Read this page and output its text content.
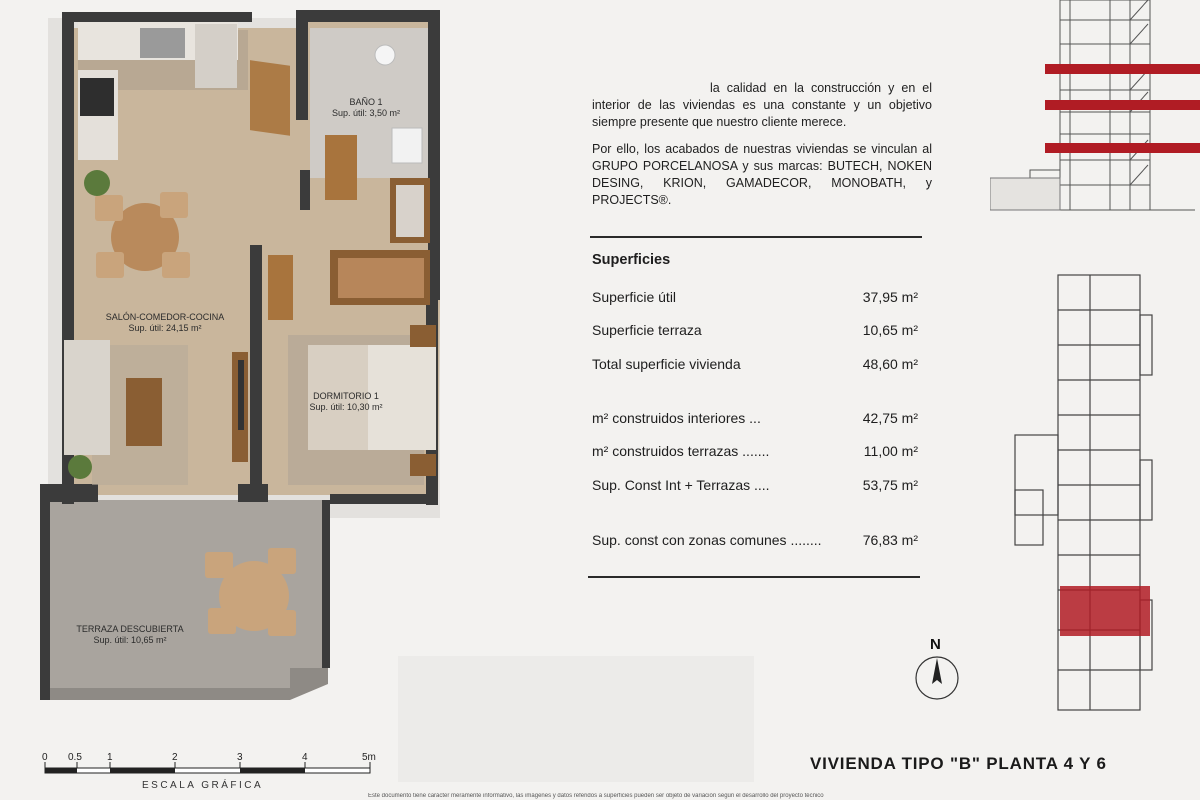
BAÑO 1
Sup. útil: 3,50 m²
SALÓN-COMEDOR-COCINA
Sup. útil: 24,15 m²
DORMITORIO 1
Sup. útil: 10,30 m²
TERRAZA DESCUBIERTA
Sup. útil: 10,65 m²
0 0.5	1	2	3	4	5m
ESCALA GRÁFICA

la calidad en la construcción y en el interior de las viviendas es una constante y un objetivo siempre presente que nuestro cliente merece.

Por ello, los acabados de nuestras viviendas se vinculan al GRUPO PORCELANOSA y sus marcas: BUTECH, NOKEN DESING, KRION, GAMADECOR, MONOBATH, y PROJECTS®.

Superficies
Superficie útil	37,95 m²
Superficie terraza	10,65 m²
Total superficie vivienda	48,60 m²
m² construidos interiores ...	42,75 m²
m² construidos terrazas .......	11,00 m²
Sup. Const Int + Terrazas ....	53,75 m²
Sup. const con zonas comunes ........	76,83 m²
N
VIVIENDA TIPO "B" PLANTA 4 Y 6
Este documento tiene carácter meramente informativo, las imágenes y datos referidos a superficies pueden ser objeto de variación según el desarrollo del proyecto técnico
